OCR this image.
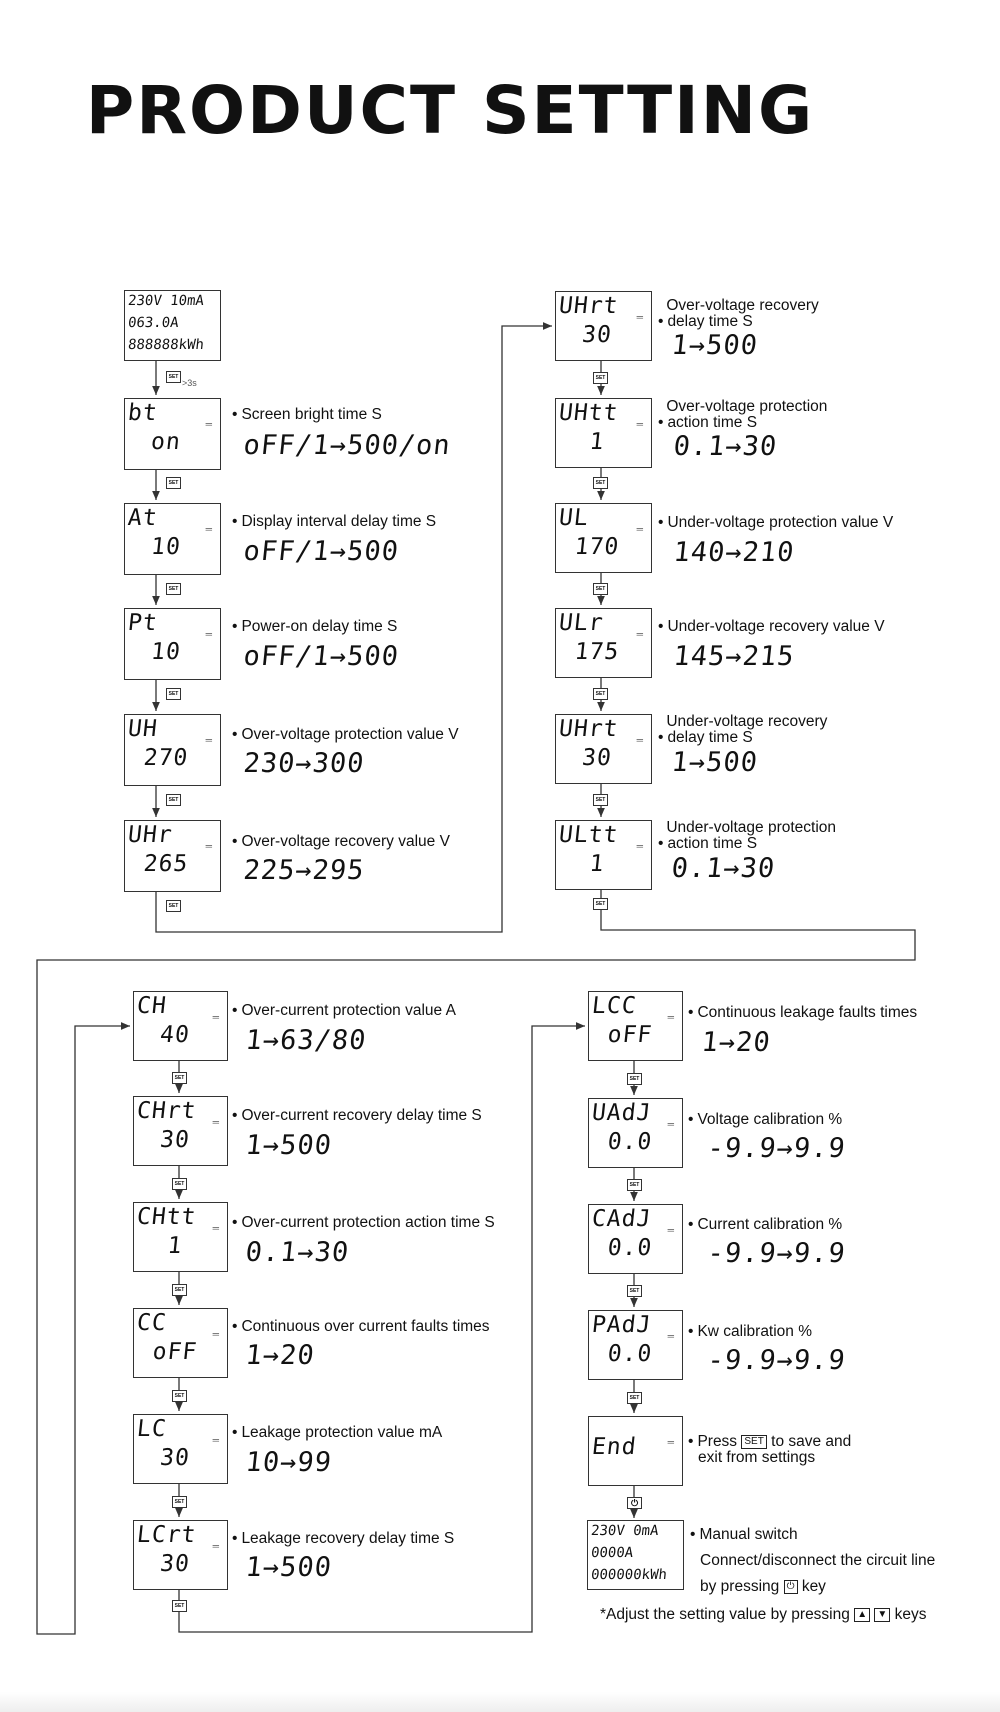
PRODUCT SETTING
230V 10mA
063.0A
888888kWh
SET
>3s
bt	═
on
• Screen bright time S
oFF/1→500/on
SET
At	═
10
• Display interval delay time S
oFF/1→500
SET
Pt	═
10
• Power-on delay time S
oFF/1→500
SET
UH	═
270
• Over-voltage protection value V
230→300
SET
UHr	═
265
• Over-voltage recovery value V
225→295
SET
UHrt ═
30
Over-voltage recovery
• delay time S
1→500
SET
UHtt ═
1
Over-voltage protection
• action time S
0.1→30
SET
UL	═
170
• Under-voltage protection value V
140→210
SET
ULr	═
175
• Under-voltage recovery value V
145→215
SET
UHrt ═
30
Under-voltage recovery
• delay time S
1→500
SET
ULtt ═
1
Under-voltage protection
• action time S
0.1→30
SET
CH	═
40
• Over-current protection value A
1→63/80
SET
CHrt ═
30
• Over-current recovery delay time S
1→500
SET
CHtt ═
1
• Over-current protection action time S
0.1→30
SET
CC	═
oFF
• Continuous over current faults times
1→20
SET
LC	═
30
• Leakage protection value mA
10→99
SET
LCrt ═
30
• Leakage recovery delay time S
1→500
SET
LCC	═
oFF
• Continuous leakage faults times
1→20
SET
UAdJ ═
0.0
• Voltage calibration %
-9.9→9.9
SET
CAdJ ═
0.0
• Current calibration %
-9.9→9.9
SET
PAdJ ═
0.0
• Kw calibration %
-9.9→9.9
SET
End	═ • Press SET to save and
exit from settings
⏻
230V 0mA
0000A
000000kWh
• Manual switch
Connect/disconnect the circuit line
by pressing ⏻ key
*Adjust the setting value by pressing ▲ ▼ keys
